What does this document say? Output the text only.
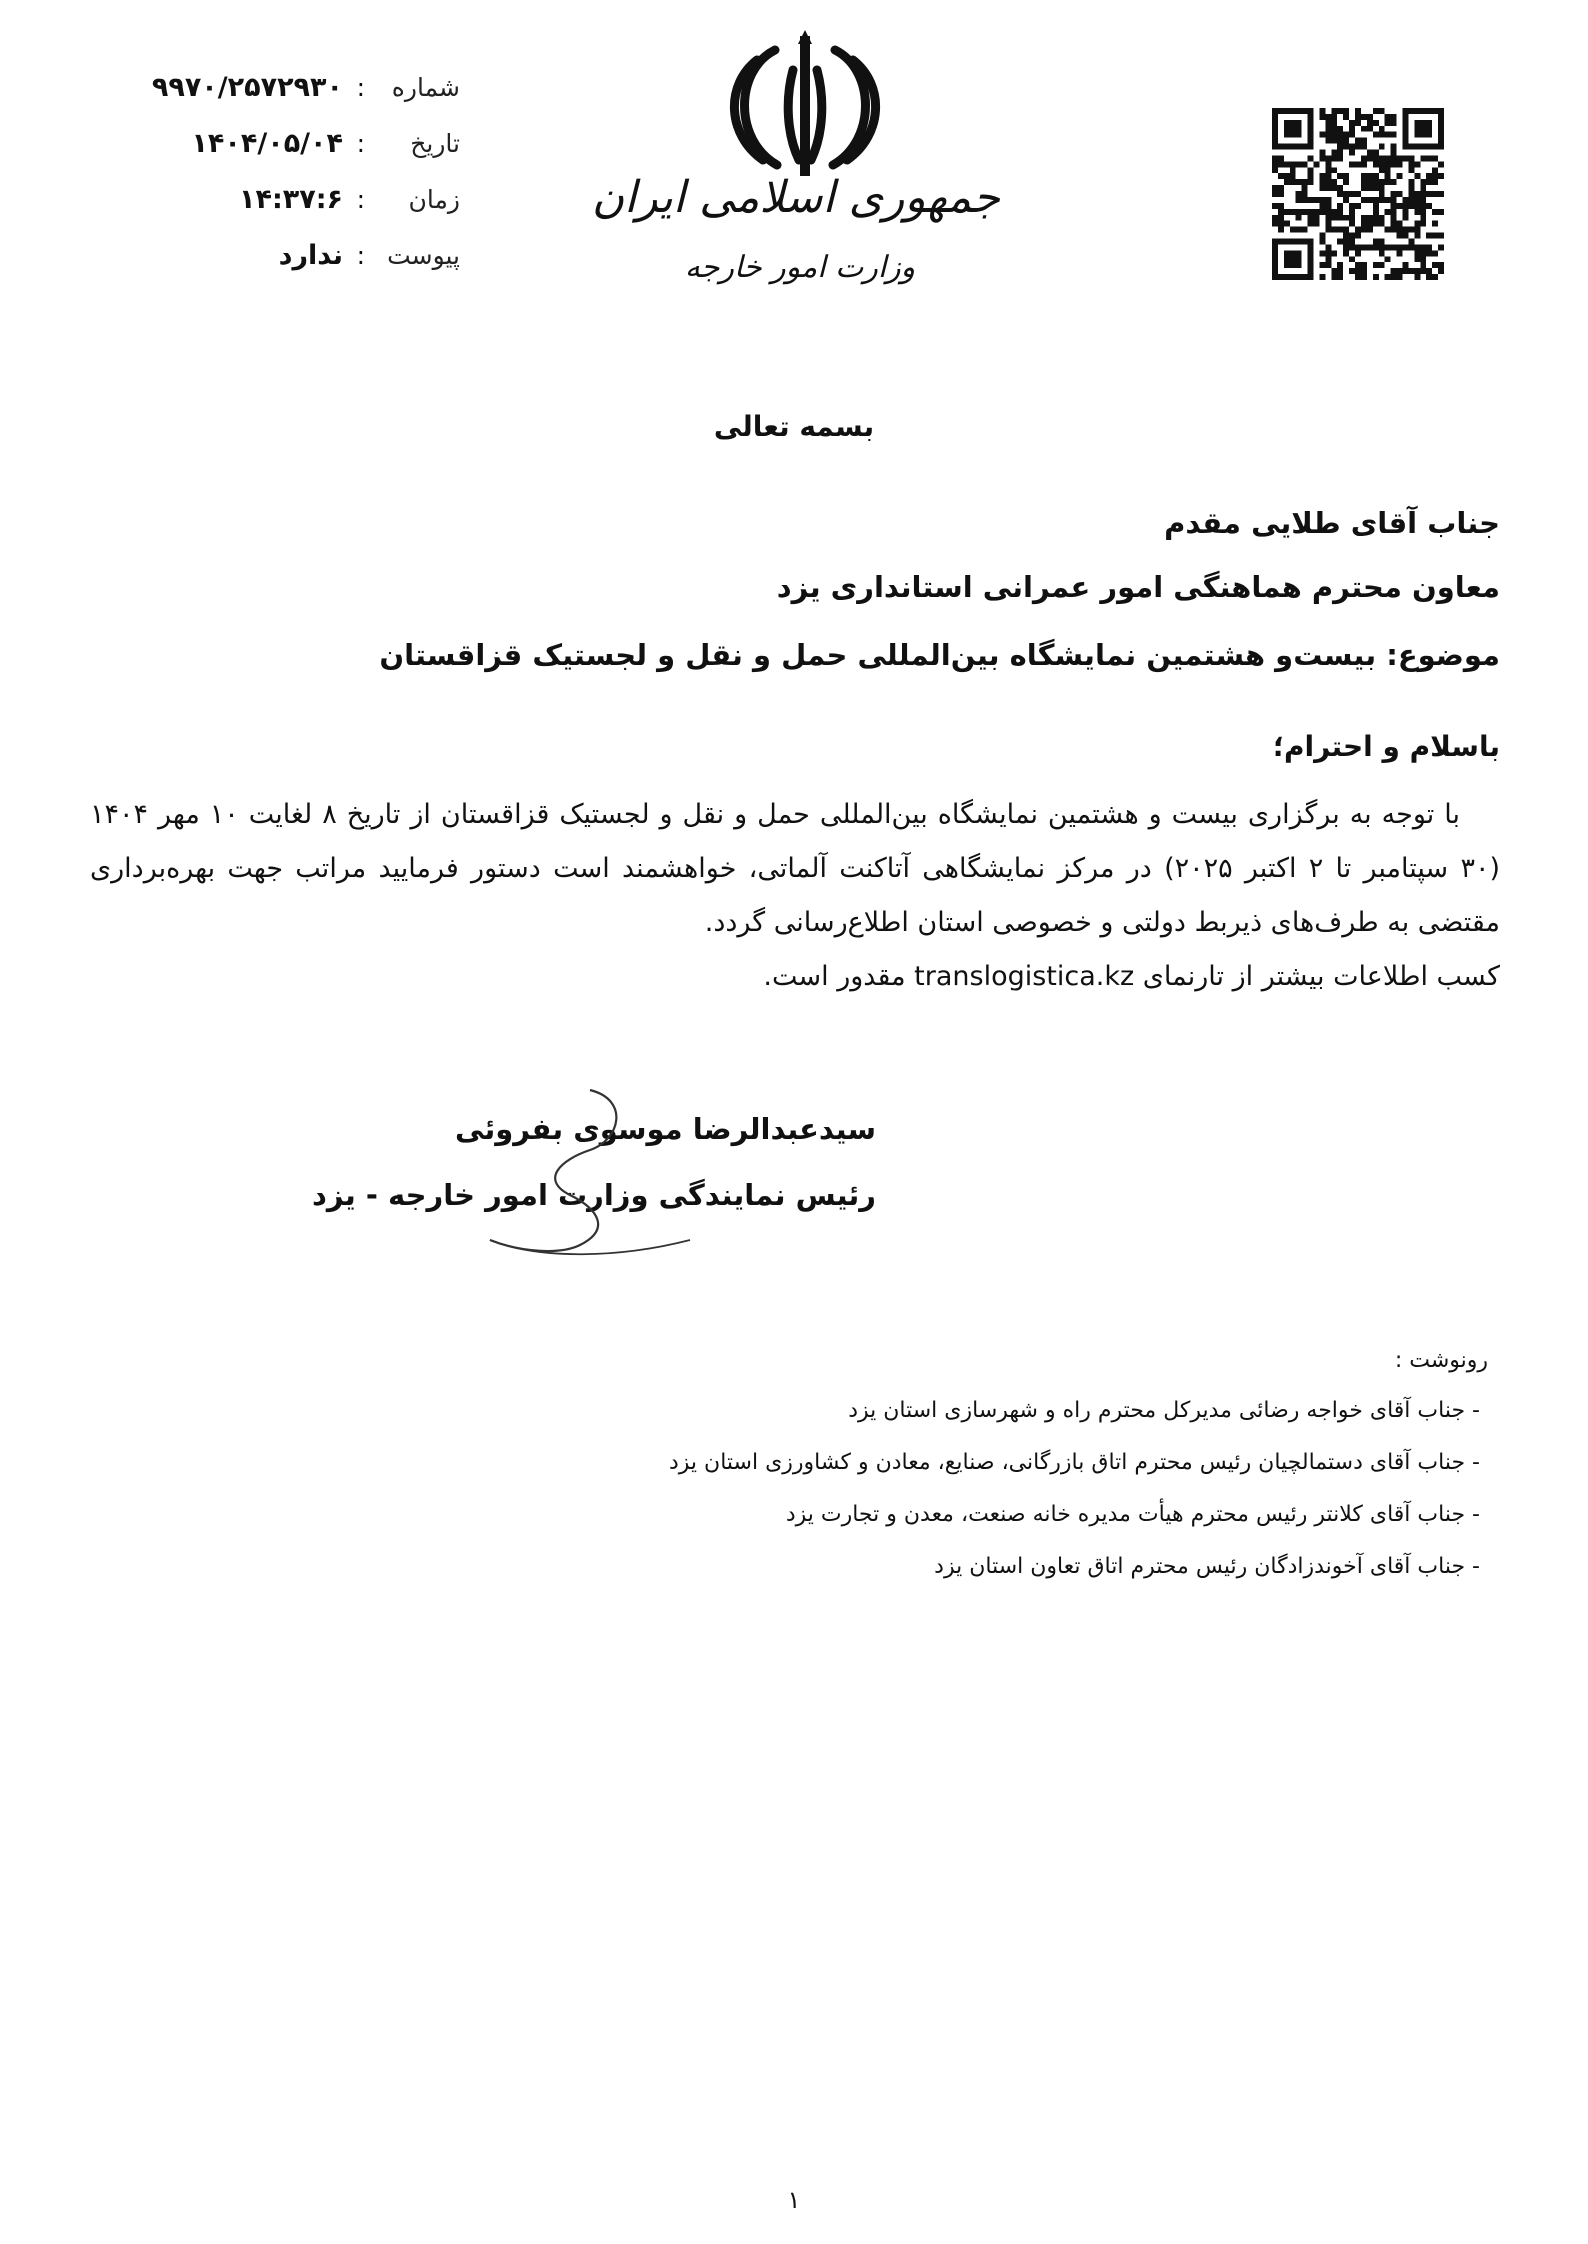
شماره
:
۹۹۷۰/۲۵۷۲۹۳۰
تاریخ
:
۱۴۰۴/۰۵/۰۴
زمان
:
۱۴:۳۷:۶
پیوست
:
ندارد
جمهوری اسلامی ایران
وزارت امور خارجه
بسمه تعالی
جناب آقای طلایی مقدم
معاون محترم هماهنگی امور عمرانی استانداری یزد
موضوع: بیست‌و هشتمین نمایشگاه بین‌المللی حمل و نقل و لجستیک قزاقستان
باسلام و احترام؛

با توجه به برگزاری بیست و هشتمین نمایشگاه بین‌المللی حمل و نقل و لجستیک قزاقستان از تاریخ ۸ لغایت ۱۰ مهر ۱۴۰۴ (۳۰ سپتامبر تا ۲ اکتبر ۲۰۲۵) در مرکز نمایشگاهی آتاکنت آلماتی، خواهشمند است دستور فرمایید مراتب جهت بهره‌برداری مقتضی به طرف‌های ذیربط دولتی و خصوصی استان اطلاع‌رسانی گردد.

کسب اطلاعات بیشتر از تارنمای translogistica.kz مقدور است.

سیدعبدالرضا موسوی بفروئی
رئیس نمایندگی وزارت امور خارجه - یزد
رونوشت :
- جناب آقای خواجه رضائی مدیرکل محترم راه و شهرسازی استان یزد
- جناب آقای دستمالچیان رئیس محترم اتاق بازرگانی، صنایع، معادن و کشاورزی استان یزد
- جناب آقای کلانتر رئیس محترم هیأت مدیره خانه صنعت، معدن و تجارت یزد
- جناب آقای آخوندزادگان رئیس محترم اتاق تعاون استان یزد
۱
